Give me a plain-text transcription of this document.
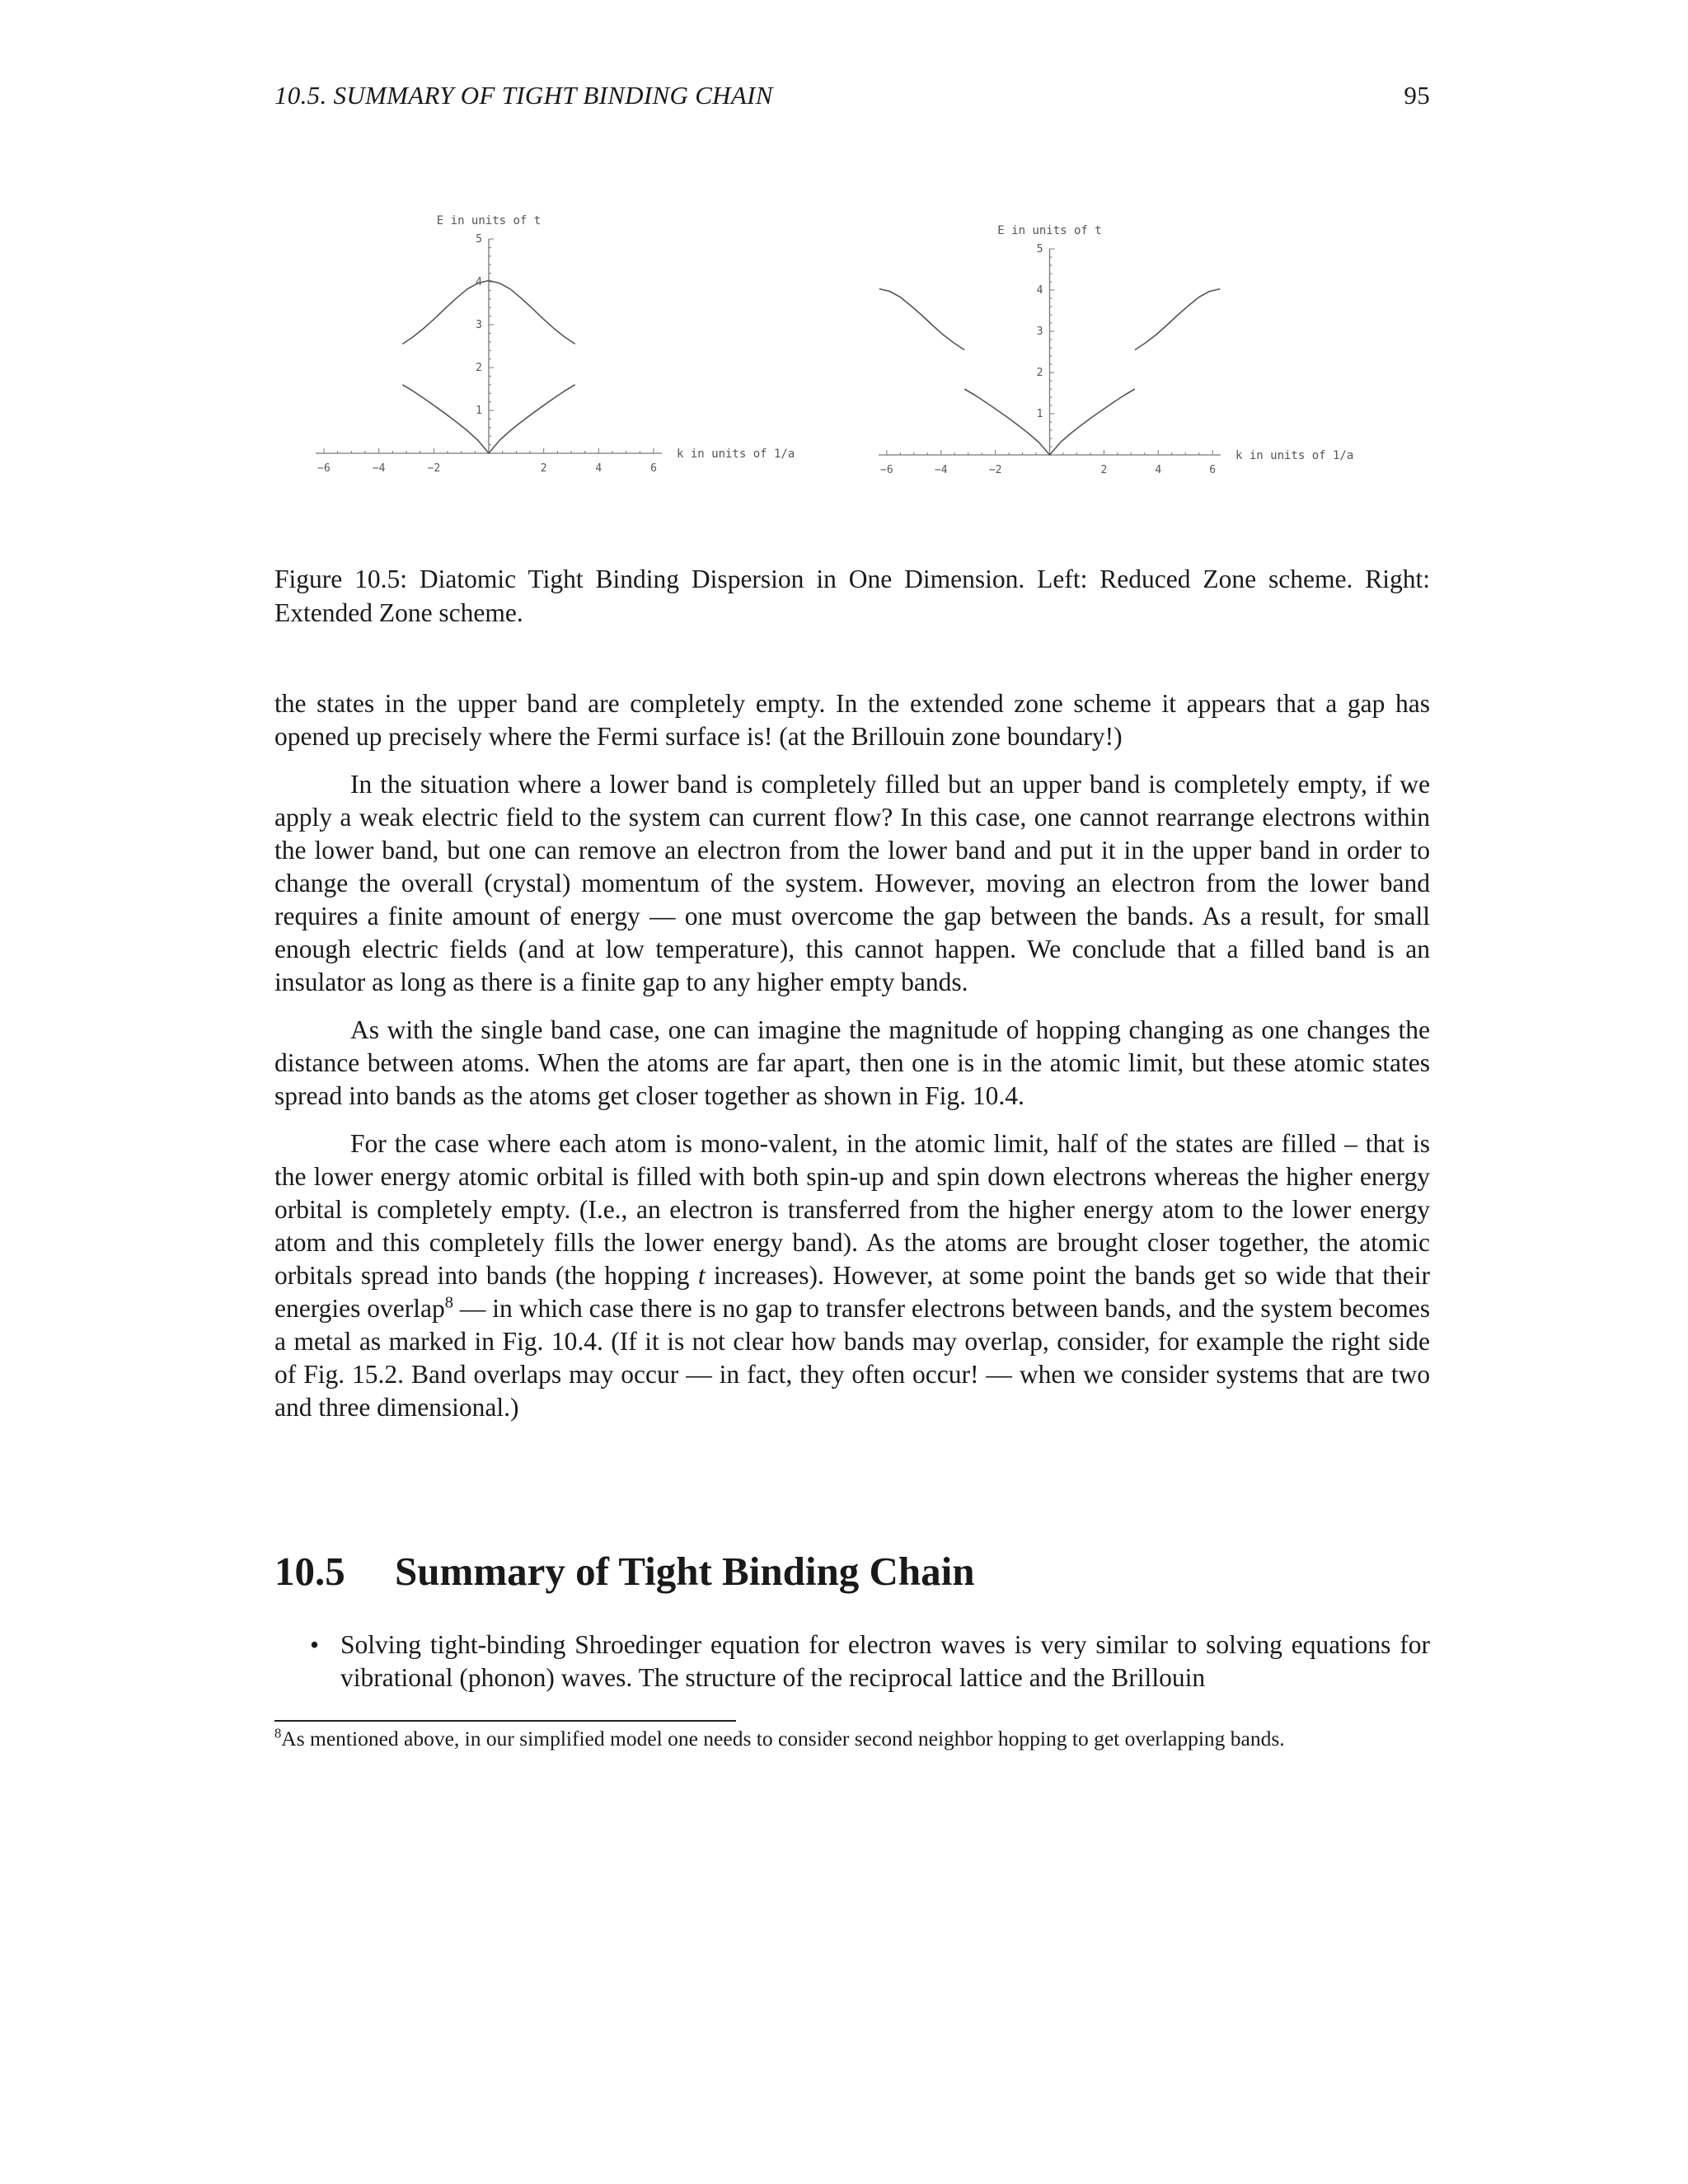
10.5. SUMMARY OF TIGHT BINDING CHAIN	95
−6	−4	−2	2	4	6
1
2
3
4
5
E in units of t
k in units of 1/a
−6	−4	−2	2	4	6
1
2
3
4
5
E in units of t
k in units of 1/a
Figure 10.5: Diatomic Tight Binding Dispersion in One Dimension. Left: Reduced Zone scheme. Right: Extended Zone scheme.

the states in the upper band are completely empty. In the extended zone scheme it appears that a gap has opened up precisely where the Fermi surface is! (at the Brillouin zone boundary!)

In the situation where a lower band is completely filled but an upper band is completely empty, if we apply a weak electric field to the system can current flow? In this case, one cannot rearrange electrons within the lower band, but one can remove an electron from the lower band and put it in the upper band in order to change the overall (crystal) momentum of the system. However, moving an electron from the lower band requires a finite amount of energy — one must overcome the gap between the bands. As a result, for small enough electric fields (and at low temperature), this cannot happen. We conclude that a filled band is an insulator as long as there is a finite gap to any higher empty bands.

As with the single band case, one can imagine the magnitude of hopping changing as one changes the distance between atoms. When the atoms are far apart, then one is in the atomic limit, but these atomic states spread into bands as the atoms get closer together as shown in Fig. 10.4.

For the case where each atom is mono-valent, in the atomic limit, half of the states are filled – that is the lower energy atomic orbital is filled with both spin-up and spin down electrons whereas the higher energy orbital is completely empty. (I.e., an electron is transferred from the higher energy atom to the lower energy atom and this completely fills the lower energy band). As the atoms are brought closer together, the atomic orbitals spread into bands (the hopping t increases). However, at some point the bands get so wide that their energies overlap$^8$ — in which case there is no gap to transfer electrons between bands, and the system becomes a metal as marked in Fig. 10.4. (If it is not clear how bands may overlap, consider, for example the right side of Fig. 15.2. Band overlaps may occur — in fact, they often occur! — when we consider systems that are two and three dimensional.)

10.5 Summary of Tight Binding Chain
• Solving tight-binding Shroedinger equation for electron waves is very similar to solving equations for vibrational (phonon) waves. The structure of the reciprocal lattice and the Brillouin
$^8$As mentioned above, in our simplified model one needs to consider second neighbor hopping to get overlapping bands.
